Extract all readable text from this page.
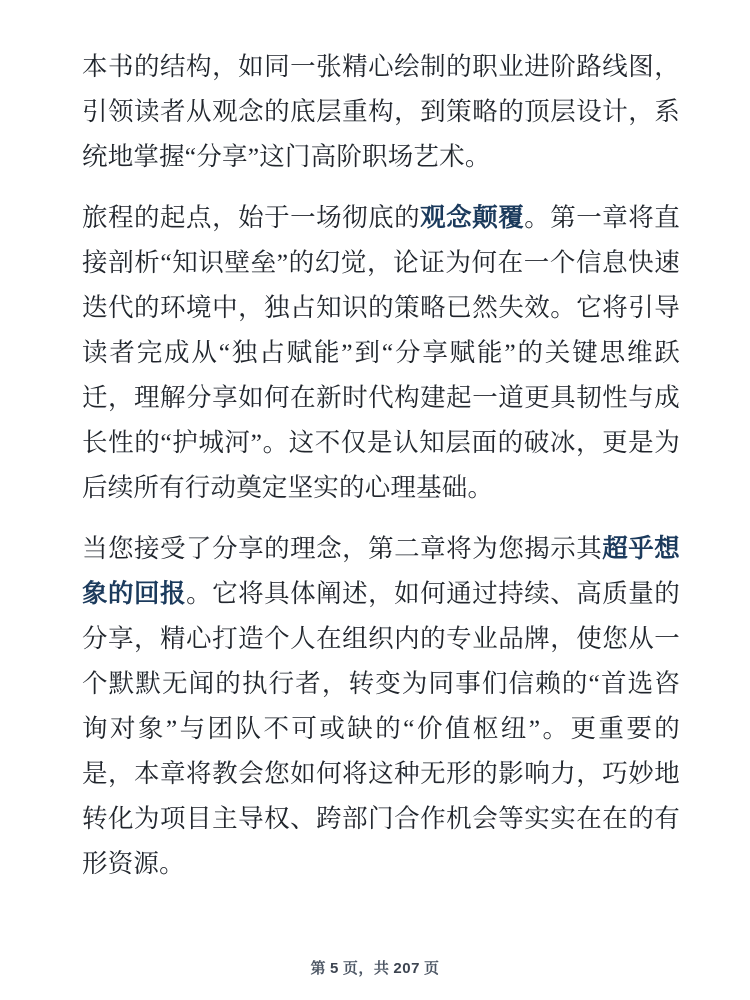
本书的结构，如同一张精心绘制的职业进阶路线图，引领读者从观念的底层重构，到策略的顶层设计，系统地掌握“分享”这门高阶职场艺术。

旅程的起点，始于一场彻底的观念颠覆。第一章将直接剖析“知识壁垒”的幻觉，论证为何在一个信息快速迭代的环境中，独占知识的策略已然失效。它将引导读者完成从“独占赋能”到“分享赋能”的关键思维跃迁，理解分享如何在新时代构建起一道更具韧性与成长性的“护城河”。这不仅是认知层面的破冰，更是为后续所有行动奠定坚实的心理基础。

当您接受了分享的理念，第二章将为您揭示其超乎想象的回报。它将具体阐述，如何通过持续、高质量的分享，精心打造个人在组织内的专业品牌，使您从一个默默无闻的执行者，转变为同事们信赖的“首选咨询对象”与团队不可或缺的“价值枢纽”。更重要的是，本章将教会您如何将这种无形的影响力，巧妙地转化为项目主导权、跨部门合作机会等实实在在的有形资源。

第 5 页，共 207 页
